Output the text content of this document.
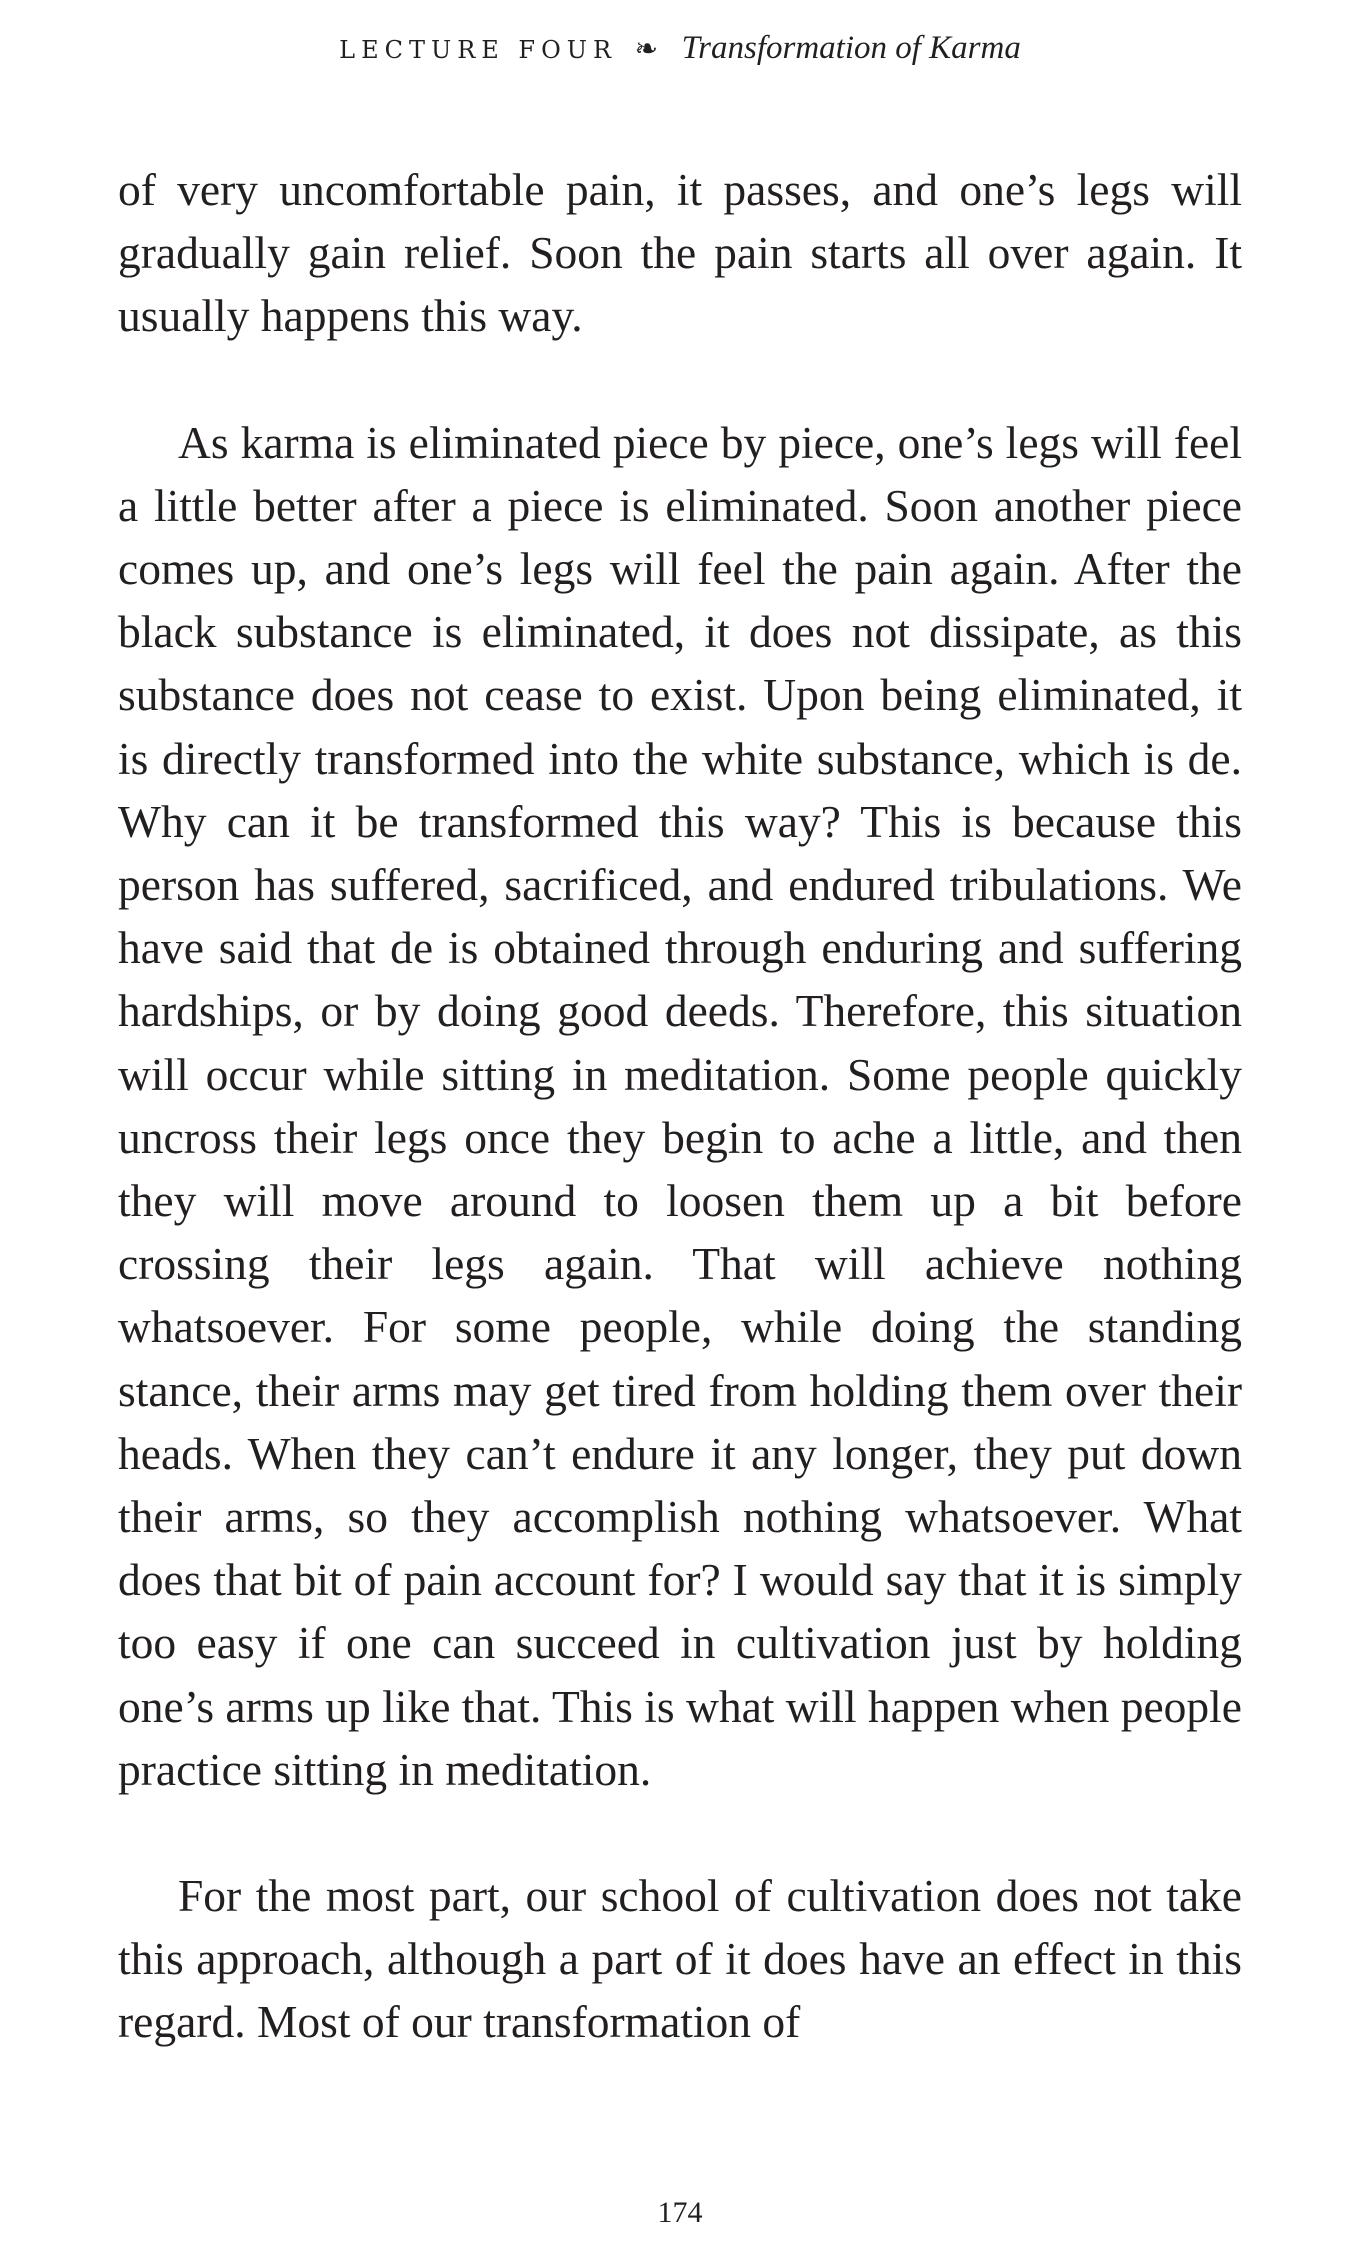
LECTURE FOUR ❧ Transformation of Karma

of very uncomfortable pain, it passes, and one’s legs will gradually gain relief. Soon the pain starts all over again. It usually happens this way.

As karma is eliminated piece by piece, one’s legs will feel a little better after a piece is eliminated. Soon another piece comes up, and one’s legs will feel the pain again. After the black substance is eliminated, it does not dissipate, as this substance does not cease to exist. Upon being eliminated, it is directly transformed into the white substance, which is de. Why can it be transformed this way? This is because this person has suffered, sacrificed, and endured tribulations. We have said that de is obtained through enduring and suffering hardships, or by doing good deeds. Therefore, this situation will occur while sitting in meditation. Some people quickly uncross their legs once they begin to ache a little, and then they will move around to loosen them up a bit before crossing their legs again. That will achieve nothing whatsoever. For some people, while doing the standing stance, their arms may get tired from holding them over their heads. When they can’t endure it any longer, they put down their arms, so they accomplish nothing whatsoever. What does that bit of pain account for? I would say that it is simply too easy if one can succeed in cultivation just by holding one’s arms up like that. This is what will happen when people practice sitting in meditation.

For the most part, our school of cultivation does not take this approach, although a part of it does have an effect in this regard. Most of our transformation of

174
